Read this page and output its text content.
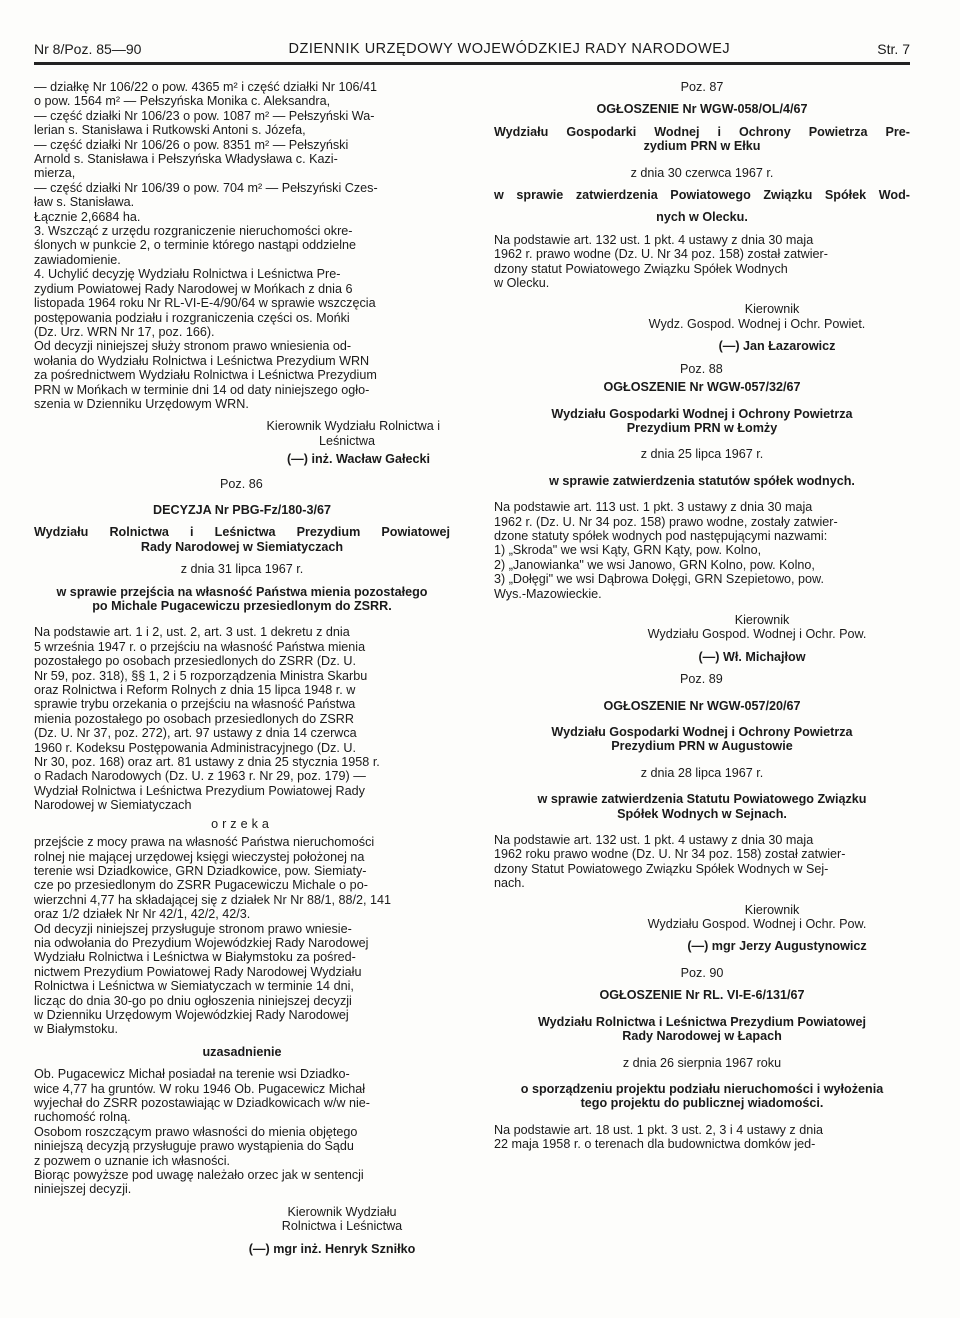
Nr 8/Poz. 85—90	DZIENNIK URZĘDOWY WOJEWÓDZKIEJ RADY NARODOWEJ	Str. 7
— działkę Nr 106/22 o pow. 4365 m² i część działki Nr 106/41
o pow. 1564 m² — Pełszyńska Monika c. Aleksandra,
— część działki Nr 106/23 o pow. 1087 m² — Pełszyński Wa-
lerian s. Stanisława i Rutkowski Antoni s. Józefa,
— część działki Nr 106/26 o pow. 8351 m² — Pełszyński
Arnold s. Stanisława i Pełszyńska Władysława c. Kazi-
mierza,
— część działki Nr 106/39 o pow. 704 m² — Pełszyński Czes-
ław s. Stanisława.
Łącznie 2,6684 ha.
3. Wszcząć z urzędu rozgraniczenie nieruchomości okre-
ślonych w punkcie 2, o terminie którego nastąpi oddzielne
zawiadomienie.
4. Uchylić decyzję Wydziału Rolnictwa i Leśnictwa Pre-
zydium Powiatowej Rady Narodowej w Mońkach z dnia 6
listopada 1964 roku Nr RL-VI-E-4/90/64 w sprawie wszczęcia
postępowania podziału i rozgraniczenia części os. Mońki
(Dz. Urz. WRN Nr 17, poz. 166).
Od decyzji niniejszej służy stronom prawo wniesienia od-
wołania do Wydziału Rolnictwa i Leśnictwa Prezydium WRN
za pośrednictwem Wydziału Rolnictwa i Leśnictwa Prezydium
PRN w Mońkach w terminie dni 14 od daty niniejszego ogło-
szenia w Dzienniku Urzędowym WRN.
Kierownik Wydziału Rolnictwa i
Leśnictwa
(—) inż. Wacław Gałecki
Poz. 86
DECYZJA Nr PBG-Fz/180-3/67
Wydziału Rolnictwa i Leśnictwa Prezydium Powiatowej
Rady Narodowej w Siemiatyczach
z dnia 31 lipca 1967 r.
w sprawie przejścia na własność Państwa mienia pozostałego
po Michale Pugacewiczu przesiedlonym do ZSRR.
Na podstawie art. 1 i 2, ust. 2, art. 3 ust. 1 dekretu z dnia
5 września 1947 r. o przejściu na własność Państwa mienia
pozostałego po osobach przesiedlonych do ZSRR (Dz. U.
Nr 59, poz. 318), §§ 1, 2 i 5 rozporządzenia Ministra Skarbu
oraz Rolnictwa i Reform Rolnych z dnia 15 lipca 1948 r. w
sprawie trybu orzekania o przejściu na własność Państwa
mienia pozostałego po osobach przesiedlonych do ZSRR
(Dz. U. Nr 37, poz. 272), art. 97 ustawy z dnia 14 czerwca
1960 r. Kodeksu Postępowania Administracyjnego (Dz. U.
Nr 30, poz. 168) oraz art. 81 ustawy z dnia 25 stycznia 1958 r.
o Radach Narodowych (Dz. U. z 1963 r. Nr 29, poz. 179) —
Wydział Rolnictwa i Leśnictwa Prezydium Powiatowej Rady
Narodowej w Siemiatyczach
orzeka
przejście z mocy prawa na własność Państwa nieruchomości
rolnej nie mającej urzędowej księgi wieczystej położonej na
terenie wsi Dziadkowice, GRN Dziadkowice, pow. Siemiaty-
cze po przesiedlonym do ZSRR Pugacewiczu Michale o po-
wierzchni 4,77 ha składającej się z działek Nr Nr 88/1, 88/2, 141
oraz 1/2 działek Nr Nr 42/1, 42/2, 42/3.
Od decyzji niniejszej przysługuje stronom prawo wniesie-
nia odwołania do Prezydium Wojewódzkiej Rady Narodowej
Wydziału Rolnictwa i Leśnictwa w Białymstoku za pośred-
nictwem Prezydium Powiatowej Rady Narodowej Wydziału
Rolnictwa i Leśnictwa w Siemiatyczach w terminie 14 dni,
licząc do dnia 30-go po dniu ogłoszenia niniejszej decyzji
w Dzienniku Urzędowym Wojewódzkiej Rady Narodowej
w Białymstoku.
uzasadnienie
Ob. Pugacewicz Michał posiadał na terenie wsi Dziadko-
wice 4,77 ha gruntów. W roku 1946 Ob. Pugacewicz Michał
wyjechał do ZSRR pozostawiając w Dziadkowicach w/w nie-
ruchomość rolną.
Osobom roszczącym prawo własności do mienia objętego
niniejszą decyzją przysługuje prawo wystąpienia do Sądu
z pozwem o uznanie ich własności.
Biorąc powyższe pod uwagę należało orzec jak w sentencji
niniejszej decyzji.
Kierownik Wydziału
Rolnictwa i Leśnictwa
(—) mgr inż. Henryk Szniłko
Poz. 87
OGŁOSZENIE Nr WGW-058/OL/4/67
Wydziału Gospodarki Wodnej i Ochrony Powietrza Pre-
zydium PRN w Ełku
z dnia 30 czerwca 1967 r.
w sprawie zatwierdzenia Powiatowego Związku Spółek Wod-
nych w Olecku.
Na podstawie art. 132 ust. 1 pkt. 4 ustawy z dnia 30 maja
1962 r. prawo wodne (Dz. U. Nr 34 poz. 158) został zatwier-
dzony statut Powiatowego Związku Spółek Wodnych
w Olecku.
Kierownik
Wydz. Gospod. Wodnej i Ochr. Powiet.
(—) Jan Łazarowicz
Poz. 88
OGŁOSZENIE Nr WGW-057/32/67
Wydziału Gospodarki Wodnej i Ochrony Powietrza
Prezydium PRN w Łomży
z dnia 25 lipca 1967 r.
w sprawie zatwierdzenia statutów spółek wodnych.
Na podstawie art. 113 ust. 1 pkt. 3 ustawy z dnia 30 maja
1962 r. (Dz. U. Nr 34 poz. 158) prawo wodne, zostały zatwier-
dzone statuty spółek wodnych pod następującymi nazwami:
1) „Skroda" we wsi Kąty, GRN Kąty, pow. Kolno,
2) „Janowianka" we wsi Janowo, GRN Kolno, pow. Kolno,
3) „Dołęgi" we wsi Dąbrowa Dołęgi, GRN Szepietowo, pow.
Wys.-Mazowieckie.
Kierownik
Wydziału Gospod. Wodnej i Ochr. Pow.
(—) Wł. Michajłow
Poz. 89
OGŁOSZENIE Nr WGW-057/20/67
Wydziału Gospodarki Wodnej i Ochrony Powietrza
Prezydium PRN w Augustowie
z dnia 28 lipca 1967 r.
w sprawie zatwierdzenia Statutu Powiatowego Związku
Spółek Wodnych w Sejnach.
Na podstawie art. 132 ust. 1 pkt. 4 ustawy z dnia 30 maja
1962 roku prawo wodne (Dz. U. Nr 34 poz. 158) został zatwier-
dzony Statut Powiatowego Związku Spółek Wodnych w Sej-
nach.
Kierownik
Wydziału Gospod. Wodnej i Ochr. Pow.
(—) mgr Jerzy Augustynowicz
Poz. 90
OGŁOSZENIE Nr RL. VI-E-6/131/67
Wydziału Rolnictwa i Leśnictwa Prezydium Powiatowej
Rady Narodowej w Łapach
z dnia 26 sierpnia 1967 roku
o sporządzeniu projektu podziału nieruchomości i wyłożenia
tego projektu do publicznej wiadomości.
Na podstawie art. 18 ust. 1 pkt. 3 ust. 2, 3 i 4 ustawy z dnia
22 maja 1958 r. o terenach dla budownictwa domków jed-
